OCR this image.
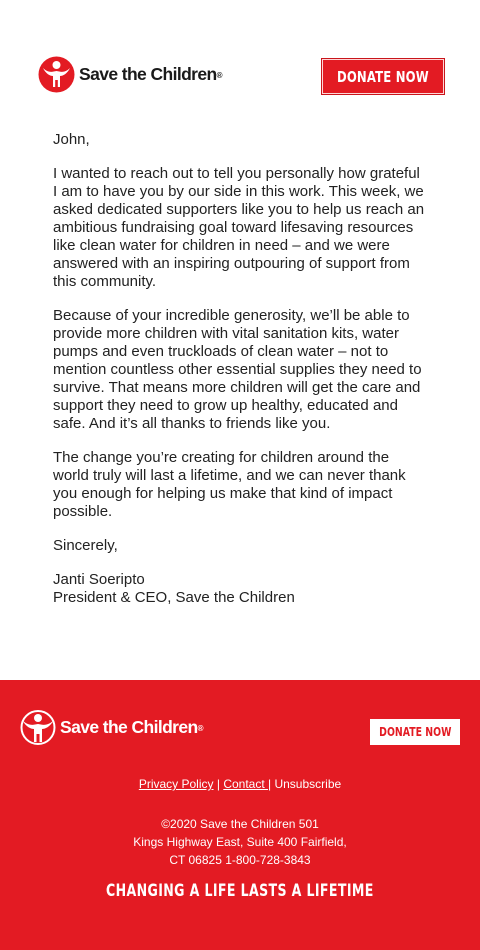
Save the Children®	DONATE NOW

John,

I wanted to reach out to tell you personally how grateful I am to have you by our side in this work. This week, we asked dedicated supporters like you to help us reach an ambitious fundraising goal toward lifesaving resources like clean water for children in need – and we were answered with an inspiring outpouring of support from this community.

Because of your incredible generosity, we’ll be able to provide more children with vital sanitation kits, water pumps and even truckloads of clean water – not to mention countless other essential supplies they need to survive. That means more children will get the care and support they need to grow up healthy, educated and safe. And it’s all thanks to friends like you.

The change you’re creating for children around the world truly will last a lifetime, and we can never thank you enough for helping us make that kind of impact possible.

Sincerely,

Janti Soeripto

President & CEO, Save the Children

Save the Children®	DONATE NOW
Privacy Policy | Contact | Unsubscribe
©2020 Save the Children 501
Kings Highway East, Suite 400 Fairfield,
CT 06825 1-800-728-3843
CHANGING A LIFE LASTS A LIFETIME
